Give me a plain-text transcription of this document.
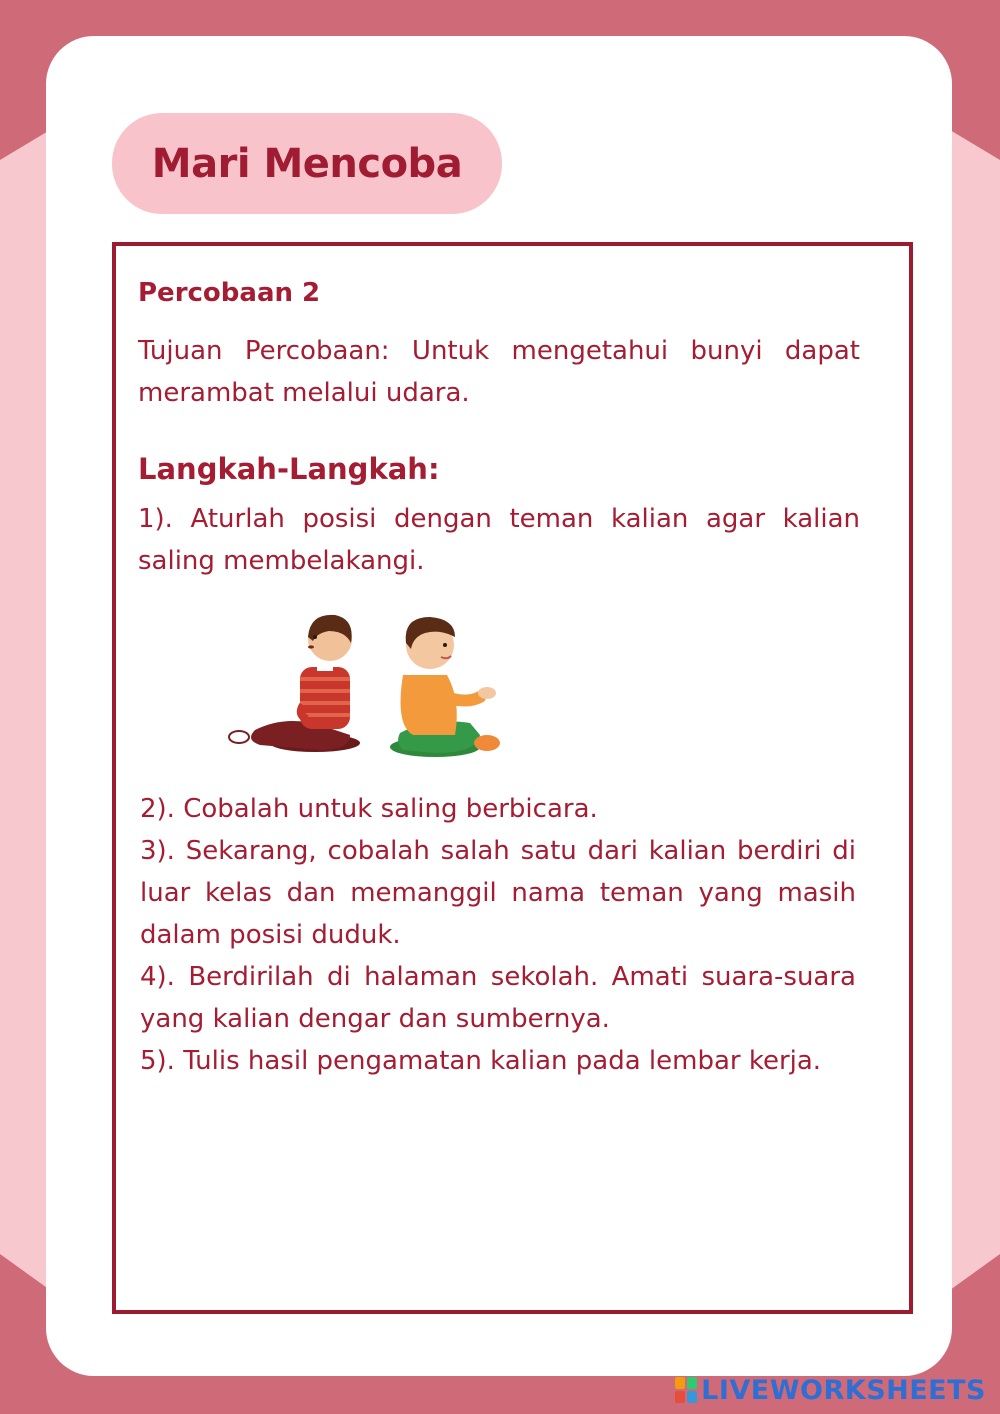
Mari Mencoba

Percobaan 2

Tujuan Percobaan: Untuk mengetahui bunyi dapat merambat melalui udara.

Langkah-Langkah:

1). Aturlah posisi dengan teman kalian agar kalian saling membelakangi.

2). Cobalah untuk saling berbicara.

3). Sekarang, cobalah salah satu dari kalian berdiri di luar kelas dan memanggil nama teman yang masih dalam posisi duduk.

4). Berdirilah di halaman sekolah. Amati suara-suara yang kalian dengar dan sumbernya.

5). Tulis hasil pengamatan kalian pada lembar kerja.

LIVEWORKSHEETS
